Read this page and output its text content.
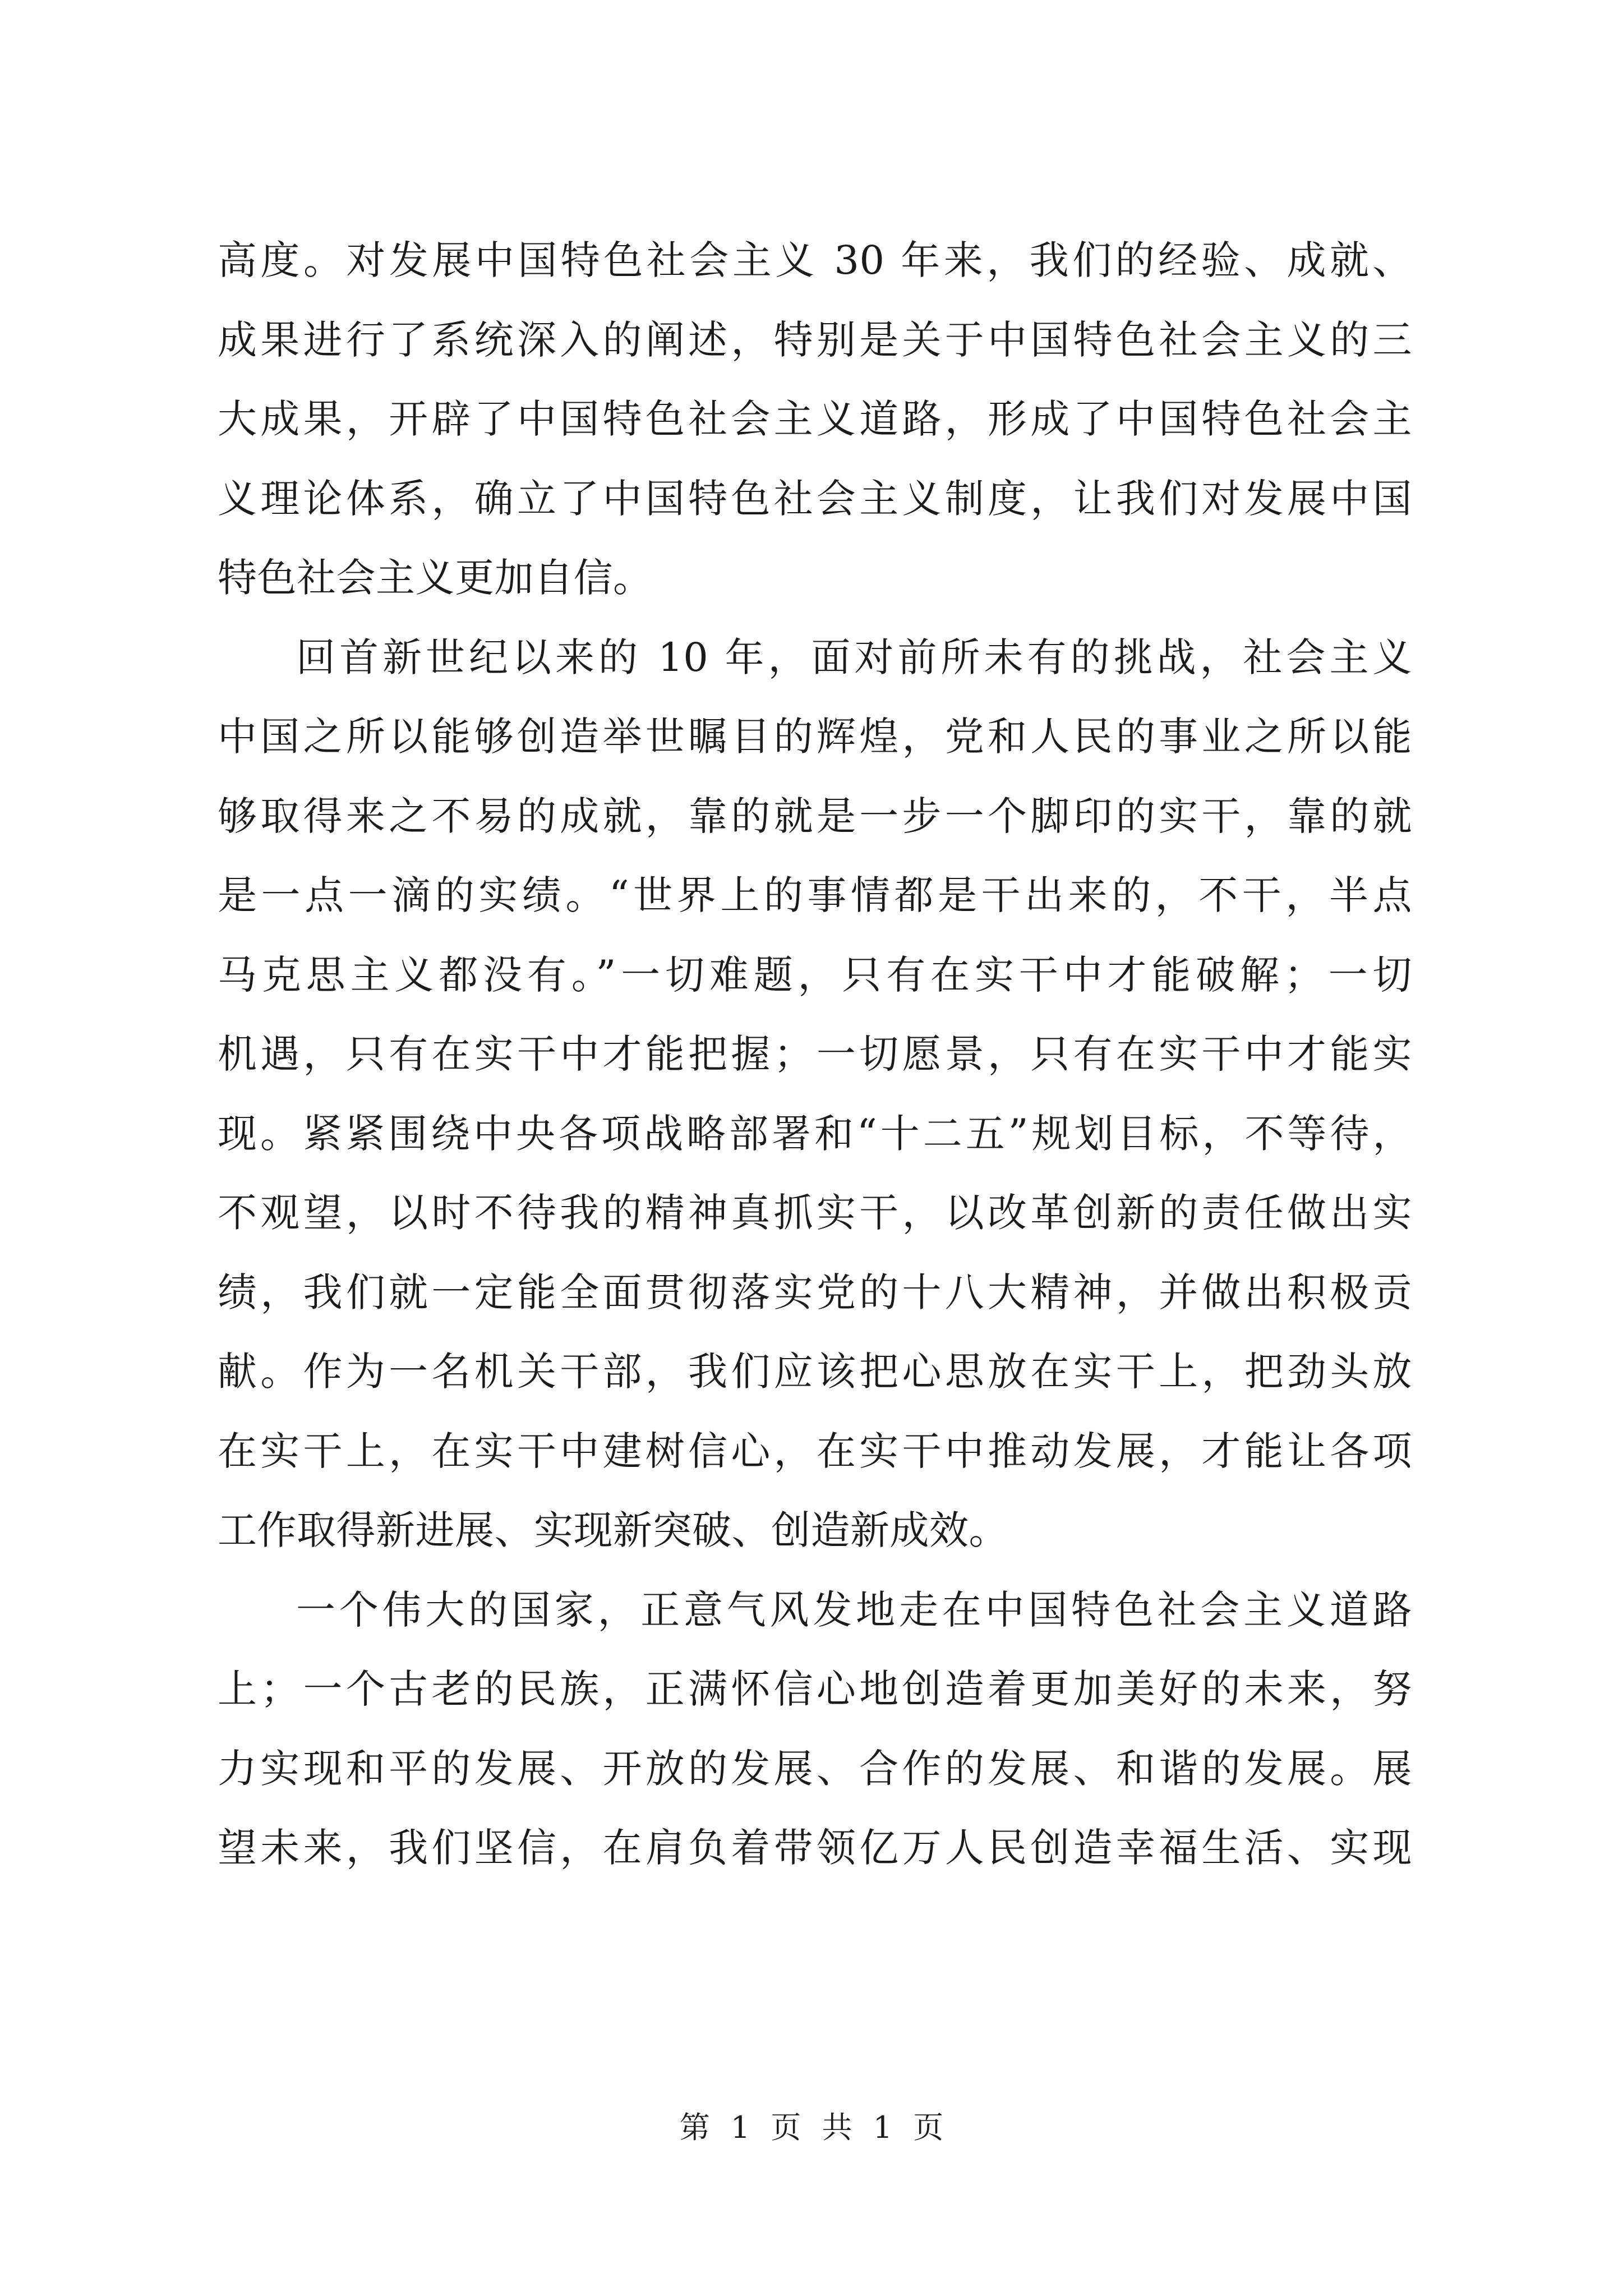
高度。对发展中国特色社会主义 30 年来，我们的经验、成就、
成果进行了系统深入的阐述，特别是关于中国特色社会主义的三
大成果，开辟了中国特色社会主义道路，形成了中国特色社会主
义理论体系，确立了中国特色社会主义制度，让我们对发展中国
特色社会主义更加自信。
回首新世纪以来的 10 年，面对前所未有的挑战，社会主义
中国之所以能够创造举世瞩目的辉煌，党和人民的事业之所以能
够取得来之不易的成就，靠的就是一步一个脚印的实干，靠的就
是一点一滴的实绩。“世界上的事情都是干出来的，不干，半点
马克思主义都没有。”一切难题，只有在实干中才能破解；一切
机遇，只有在实干中才能把握；一切愿景，只有在实干中才能实
现。紧紧围绕中央各项战略部署和“十二五”规划目标，不等待，
不观望，以时不待我的精神真抓实干，以改革创新的责任做出实
绩，我们就一定能全面贯彻落实党的十八大精神，并做出积极贡
献。作为一名机关干部，我们应该把心思放在实干上，把劲头放
在实干上，在实干中建树信心，在实干中推动发展，才能让各项
工作取得新进展、实现新突破、创造新成效。
一个伟大的国家，正意气风发地走在中国特色社会主义道路
上；一个古老的民族，正满怀信心地创造着更加美好的未来，努
力实现和平的发展、开放的发展、合作的发展、和谐的发展。展
望未来，我们坚信，在肩负着带领亿万人民创造幸福生活、实现
第 1 页 共 1 页
